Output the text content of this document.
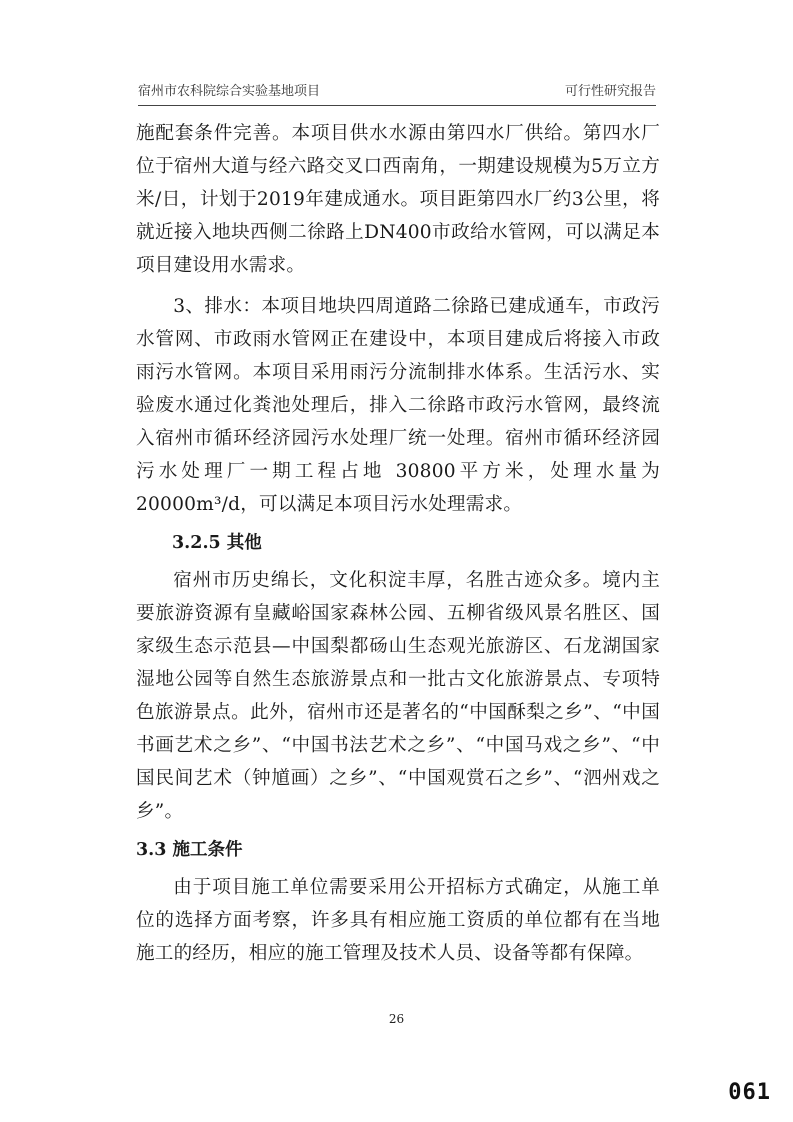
宿州市农科院综合实验基地项目	可行性研究报告

施配套条件完善。本项目供水水源由第四水厂供给。第四水厂位于宿州大道与经六路交叉口西南角，一期建设规模为5万立方米/日，计划于2019年建成通水。项目距第四水厂约3公里，将就近接入地块西侧二徐路上DN400市政给水管网，可以满足本项目建设用水需求。

3、排水：本项目地块四周道路二徐路已建成通车，市政污水管网、市政雨水管网正在建设中，本项目建成后将接入市政雨污水管网。本项目采用雨污分流制排水体系。生活污水、实验废水通过化粪池处理后，排入二徐路市政污水管网，最终流入宿州市循环经济园污水处理厂统一处理。宿州市循环经济园污水处理厂一期工程占地 30800平方米，处理水量为20000m³/d，可以满足本项目污水处理需求。

3.2.5 其他

宿州市历史绵长，文化积淀丰厚，名胜古迹众多。境内主要旅游资源有皇藏峪国家森林公园、五柳省级风景名胜区、国家级生态示范县—中国梨都砀山生态观光旅游区、石龙湖国家湿地公园等自然生态旅游景点和一批古文化旅游景点、专项特色旅游景点。此外，宿州市还是著名的“中国酥梨之乡”、“中国书画艺术之乡”、“中国书法艺术之乡”、“中国马戏之乡”、“中国民间艺术（钟馗画）之乡”、“中国观赏石之乡”、“泗州戏之乡”。

3.3 施工条件

由于项目施工单位需要采用公开招标方式确定，从施工单位的选择方面考察，许多具有相应施工资质的单位都有在当地施工的经历，相应的施工管理及技术人员、设备等都有保障。

26
061
